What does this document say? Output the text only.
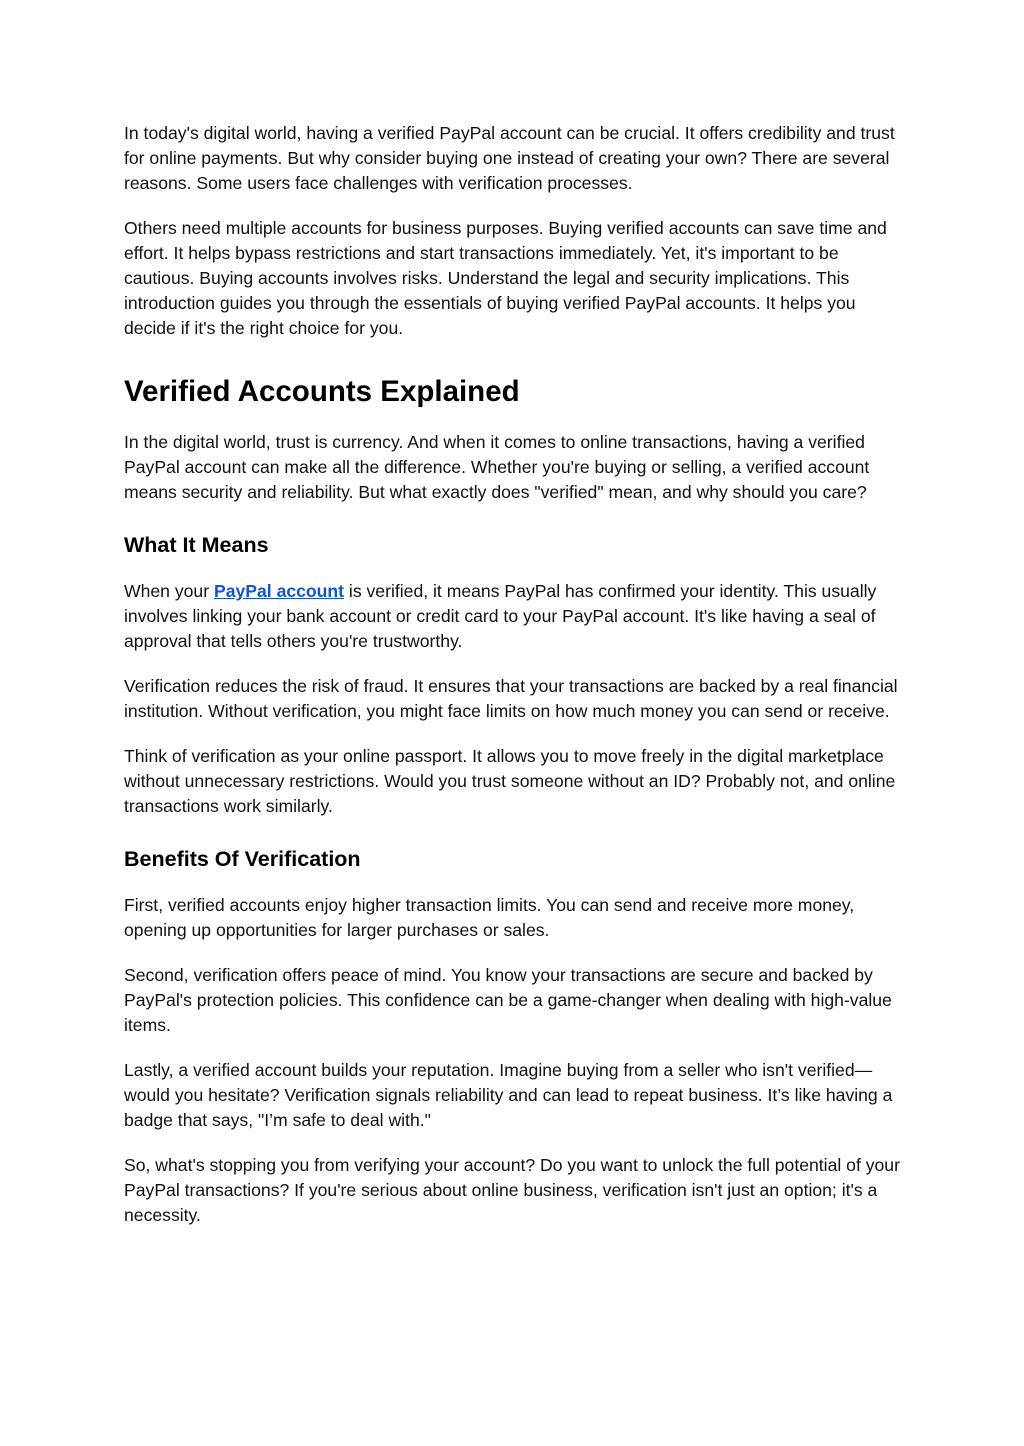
In today's digital world, having a verified PayPal account can be crucial. It offers credibility and trust for online payments. But why consider buying one instead of creating your own? There are several reasons. Some users face challenges with verification processes.

Others need multiple accounts for business purposes. Buying verified accounts can save time and effort. It helps bypass restrictions and start transactions immediately. Yet, it's important to be cautious. Buying accounts involves risks. Understand the legal and security implications. This introduction guides you through the essentials of buying verified PayPal accounts. It helps you decide if it's the right choice for you.

Verified Accounts Explained

In the digital world, trust is currency. And when it comes to online transactions, having a verified PayPal account can make all the difference. Whether you're buying or selling, a verified account means security and reliability. But what exactly does "verified" mean, and why should you care?

What It Means

When your PayPal account is verified, it means PayPal has confirmed your identity. This usually involves linking your bank account or credit card to your PayPal account. It's like having a seal of approval that tells others you're trustworthy.

Verification reduces the risk of fraud. It ensures that your transactions are backed by a real financial institution. Without verification, you might face limits on how much money you can send or receive.

Think of verification as your online passport. It allows you to move freely in the digital marketplace without unnecessary restrictions. Would you trust someone without an ID? Probably not, and online transactions work similarly.

Benefits Of Verification

First, verified accounts enjoy higher transaction limits. You can send and receive more money, opening up opportunities for larger purchases or sales.

Second, verification offers peace of mind. You know your transactions are secure and backed by PayPal's protection policies. This confidence can be a game-changer when dealing with high-value items.

Lastly, a verified account builds your reputation. Imagine buying from a seller who isn't verified—would you hesitate? Verification signals reliability and can lead to repeat business. It’s like having a badge that says, "I’m safe to deal with."

So, what's stopping you from verifying your account? Do you want to unlock the full potential of your PayPal transactions? If you're serious about online business, verification isn't just an option; it's a necessity.
